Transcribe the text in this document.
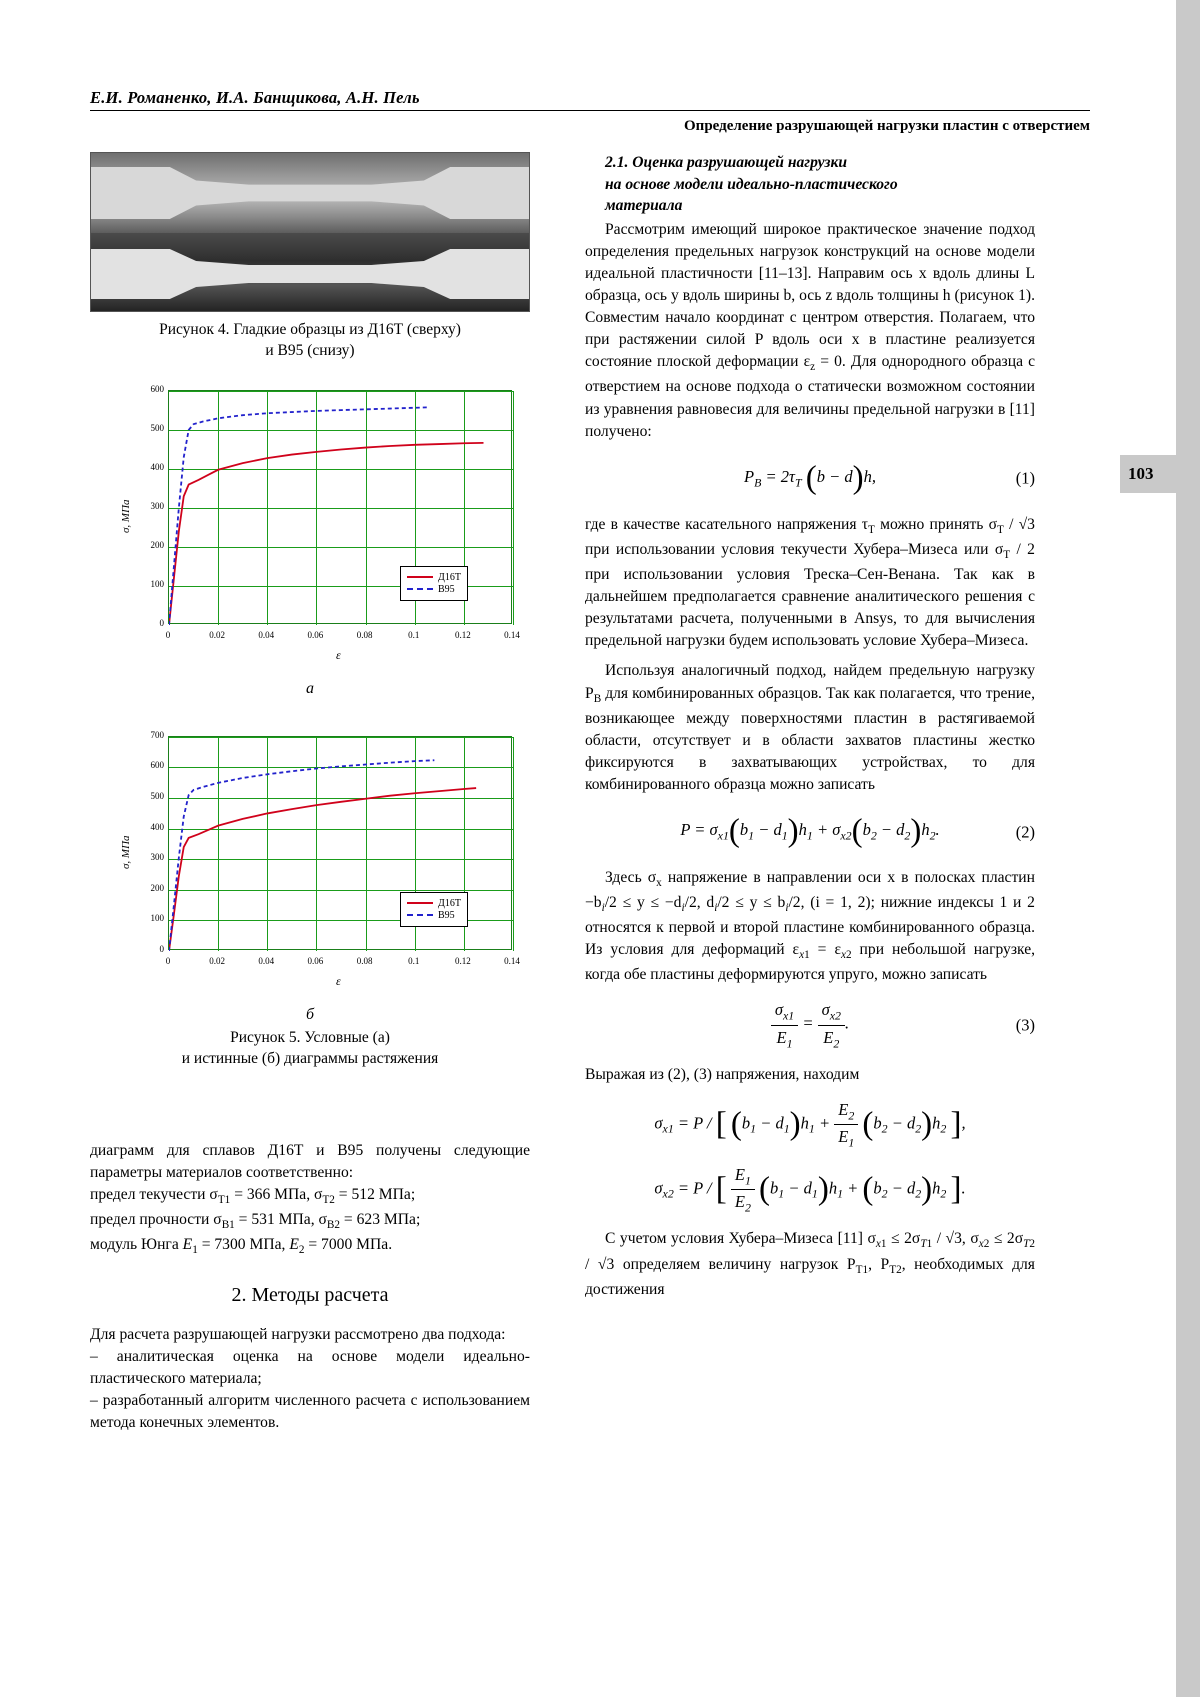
103
Е.И. Романенко, И.А. Банщикова, А.Н. Пель
Определение разрушающей нагрузки пластин с отверстием
Рисунок 4. Гладкие образцы из Д16Т (сверху)
и В95 (снизу)
0	0.02	0.04	0.06	0.08	0.1	0.12	0.14
100
200
300
400
500
600
0
Д16Т
В95
σ, МПа
ε
а
0	0.02	0.04	0.06	0.08	0.1	0.12	0.14
100
200
300
400
500
600
700
0
Д16Т
В95
σ, МПа
ε
б
Рисунок 5. Условные (а)
и истинные (б) диаграммы растяжения

диаграмм для сплавов Д16Т и В95 получены следующие параметры материалов соответственно:

предел текучести $\sigma_{Т1} = 366$ МПа, $\sigma_{Т2} = 512$ МПа;

предел прочности $\sigma_{В1} = 531$ МПа, $\sigma_{В2} = 623$ МПа;

модуль Юнга $E_1 = 7300$ МПа, $E_2 = 7000$ МПа.

2. Методы расчета

Для расчета разрушающей нагрузки рассмотрено два подхода:

– аналитическая оценка на основе модели идеально-пластического материала;

– разработанный алгоритм численного расчета с использованием метода конечных элементов.

2.1. Оценка разрушающей нагрузки
на основе модели идеально-пластического
материала

Рассмотрим имеющий широкое практическое значение подход определения предельных нагрузок конструкций на основе модели идеальной пластичности [11–13]. Направим ось x вдоль длины L образца, ось y вдоль ширины b, ось z вдоль толщины h (рисунок 1). Совместим начало координат с центром отверстия. Полагаем, что при растяжении силой P вдоль оси x в пластине реализуется состояние плоской деформации $\varepsilon_z = 0$. Для однородного образца с отверстием на основе подхода о статически возможном состоянии из уравнения равновесия для величины предельной нагрузки в [11] получено:

$P_В = 2\tau_T$ (b − d)h,	(1)

где в качестве касательного напряжения $\tau_Т$ можно принять $\sigma_T / √3$ при использовании условия текучести Хубера–Мизеса или $\sigma_Т / 2$ при использовании условия Треска–Сен-Венана. Так как в дальнейшем предполагается сравнение аналитического решения с результатами расчета, полученными в Ansys, то для вычисления предельной нагрузки будем использовать условие Хубера–Мизеса.

Используя аналогичный подход, найдем предельную нагрузку $P_В$ для комбинированных образцов. Так как полагается, что трение, возникающее между поверхностями пластин в растягиваемой области, отсутствует и в области захватов пластины жестко фиксируются в захватывающих устройствах, то для комбинированного образца можно записать

$P = \sigma_{x1}(b_1 - d_1)h_1 + \sigma_{x2}(b_2 - d_2)h_2$.	(2)

Здесь $\sigma_x$ напряжение в направлении оси x в полосках пластин $-b_i/2 \le y \le -d_i/2$, $d_i/2 \le y \le b_i/2$, (i = 1, 2); нижние индексы 1 и 2 относятся к первой и второй пластине комбинированного образца. Из условия для деформаций $\varepsilon_{x1} = \varepsilon_{x2}$ при небольшой нагрузке, когда обе пластины деформируются упруго, можно записать

$\frac{\sigma_{x1}}{E_1} = \frac{\sigma_{x2}}{E_2}$ .	(3)

Выражая из (2), (3) напряжения, находим

$\sigma_{x1} = P$ / [ $(b_1 - d_1)h_1 + \frac{E_2}{E_1} (b_2 - d_2)h_2$ ],
$\sigma_{x2} = P$ / [ $\frac{E_1}{E_2} (b_1 - d_1)h_1 + (b_2 - d_2)h_2$ ].

С учетом условия Хубера–Мизеса [11] $\sigma_{x1} \le 2\sigma_{T1} / √3$, $\sigma_{x2} \le 2\sigma_{T2} / √3$ определяем величину нагрузок $P_{Т1}$, $P_{Т2}$, необходимых для достижения
